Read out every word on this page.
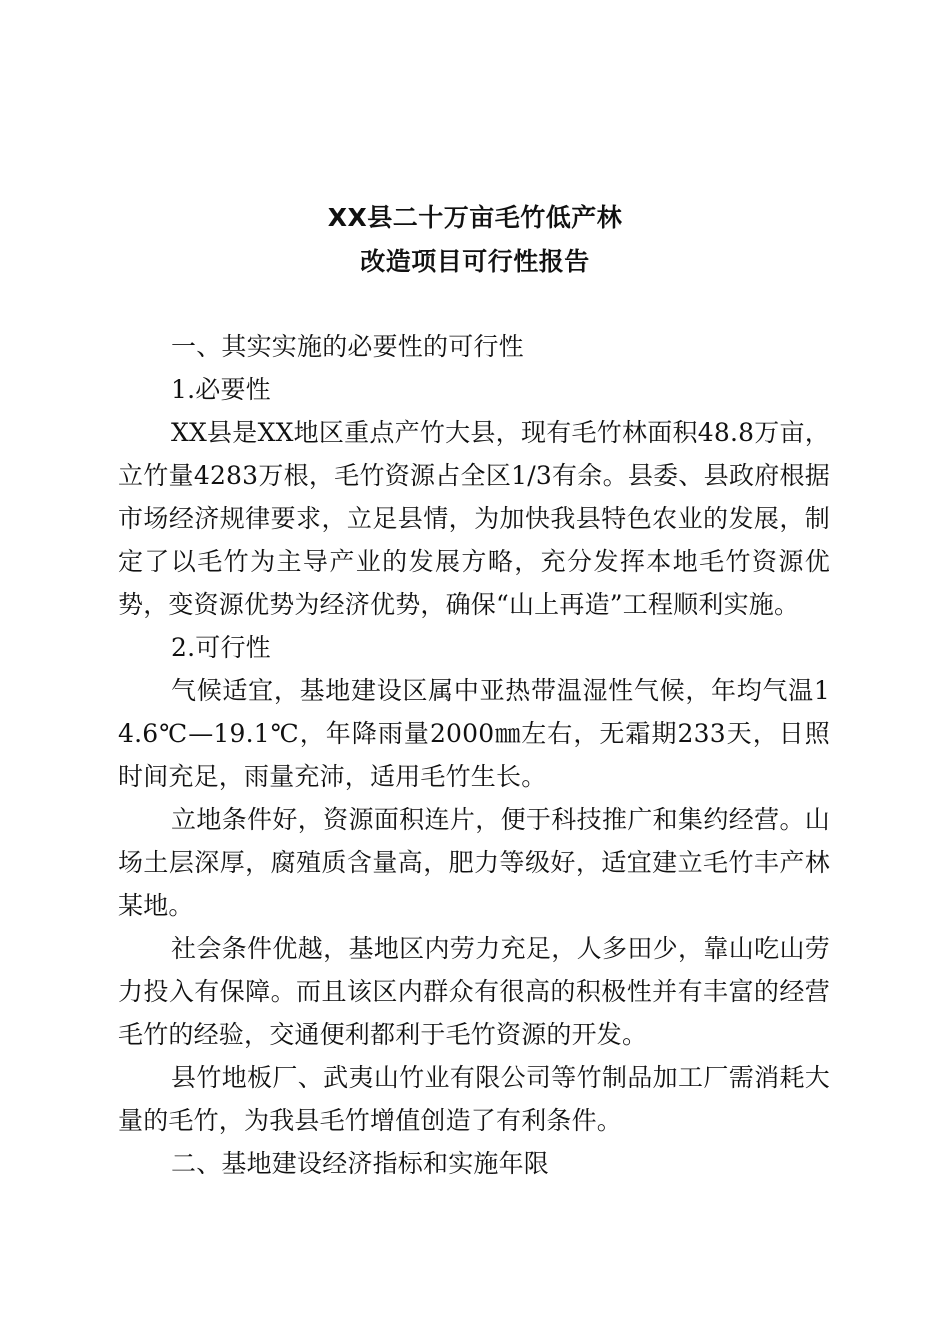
XX县二十万亩毛竹低产林
改造项目可行性报告

一、其实实施的必要性的可行性

1.必要性

XX县是XX地区重点产竹大县，现有毛竹林面积48.8万亩，立竹量4283万根，毛竹资源占全区1/3有余。县委、县政府根据市场经济规律要求，立足县情，为加快我县特色农业的发展，制定了以毛竹为主导产业的发展方略，充分发挥本地毛竹资源优势，变资源优势为经济优势，确保“山上再造”工程顺利实施。

2.可行性

气候适宜，基地建设区属中亚热带温湿性气候，年均气温14.6℃—19.1℃，年降雨量2000㎜左右，无霜期233天，日照时间充足，雨量充沛，适用毛竹生长。

立地条件好，资源面积连片，便于科技推广和集约经营。山场土层深厚，腐殖质含量高，肥力等级好，适宜建立毛竹丰产林某地。

社会条件优越，基地区内劳力充足，人多田少，靠山吃山劳力投入有保障。而且该区内群众有很高的积极性并有丰富的经营毛竹的经验，交通便利都利于毛竹资源的开发。

县竹地板厂、武夷山竹业有限公司等竹制品加工厂需消耗大量的毛竹，为我县毛竹增值创造了有利条件。

二、基地建设经济指标和实施年限
